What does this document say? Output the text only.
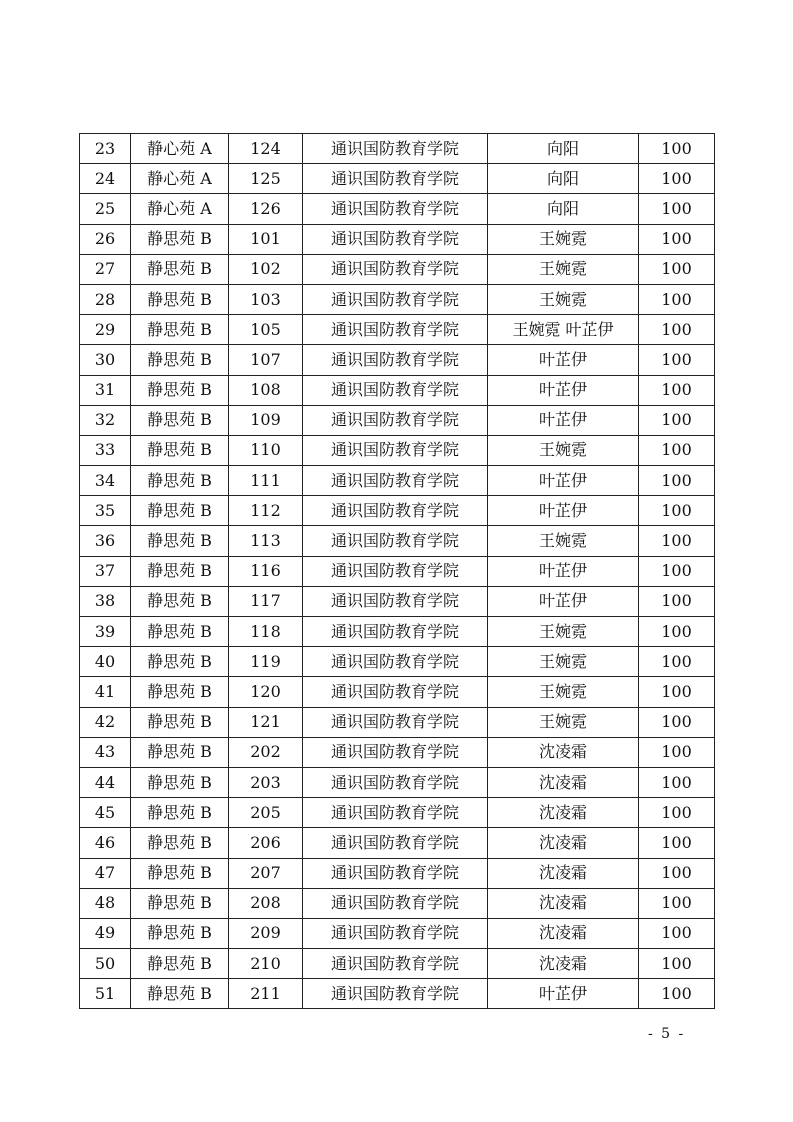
23	静心苑 A	124	通识国防教育学院	向阳	100
24	静心苑 A	125	通识国防教育学院	向阳	100
25	静心苑 A	126	通识国防教育学院	向阳	100
26	静思苑 B	101	通识国防教育学院	王婉霓	100
27	静思苑 B	102	通识国防教育学院	王婉霓	100
28	静思苑 B	103	通识国防教育学院	王婉霓	100
29	静思苑 B	105	通识国防教育学院	王婉霓 叶芷伊	100
30	静思苑 B	107	通识国防教育学院	叶芷伊	100
31	静思苑 B	108	通识国防教育学院	叶芷伊	100
32	静思苑 B	109	通识国防教育学院	叶芷伊	100
33	静思苑 B	110	通识国防教育学院	王婉霓	100
34	静思苑 B	111	通识国防教育学院	叶芷伊	100
35	静思苑 B	112	通识国防教育学院	叶芷伊	100
36	静思苑 B	113	通识国防教育学院	王婉霓	100
37	静思苑 B	116	通识国防教育学院	叶芷伊	100
38	静思苑 B	117	通识国防教育学院	叶芷伊	100
39	静思苑 B	118	通识国防教育学院	王婉霓	100
40	静思苑 B	119	通识国防教育学院	王婉霓	100
41	静思苑 B	120	通识国防教育学院	王婉霓	100
42	静思苑 B	121	通识国防教育学院	王婉霓	100
43	静思苑 B	202	通识国防教育学院	沈凌霜	100
44	静思苑 B	203	通识国防教育学院	沈凌霜	100
45	静思苑 B	205	通识国防教育学院	沈凌霜	100
46	静思苑 B	206	通识国防教育学院	沈凌霜	100
47	静思苑 B	207	通识国防教育学院	沈凌霜	100
48	静思苑 B	208	通识国防教育学院	沈凌霜	100
49	静思苑 B	209	通识国防教育学院	沈凌霜	100
50	静思苑 B	210	通识国防教育学院	沈凌霜	100
51	静思苑 B	211	通识国防教育学院	叶芷伊	100
- 5 -
